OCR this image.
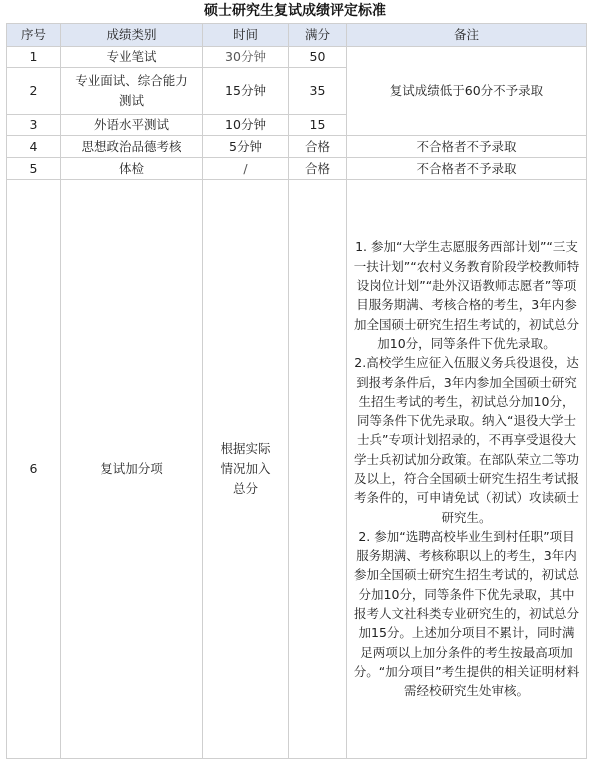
硕士研究生复试成绩评定标准
序号	成绩类别	时间	满分	备注
1	专业笔试	30分钟	50	复试成绩低于60分不予录取
2	专业面试、综合能力测试	15分钟	35	
3	外语水平测试	10分钟	15	
4	思想政治品德考核	5分钟	合格	不合格者不予录取
5	体检	/	合格	不合格者不予录取
6	复试加分项	根据实际情况加入总分		1. 参加“大学生志愿服务西部计划”“三支一扶计划”“农村义务教育阶段学校教师特设岗位计划”“赴外汉语教师志愿者”等项目服务期满、考核合格的考生，3年内参加全国硕士研究生招生考试的，初试总分加10分，同等条件下优先录取。
2.高校学生应征入伍服义务兵役退役，达到报考条件后，3年内参加全国硕士研究生招生考试的考生，初试总分加10分，同等条件下优先录取。纳入“退役大学士士兵”专项计划招录的，不再享受退役大学士兵初试加分政策。在部队荣立二等功及以上，符合全国硕士研究生招生考试报考条件的，可申请免试（初试）攻读硕士研究生。
2. 参加“选聘高校毕业生到村任职”项目服务期满、考核称职以上的考生，3年内参加全国硕士研究生招生考试的，初试总分加10分，同等条件下优先录取，其中报考人文社科类专业研究生的，初试总分加15分。上述加分项目不累计，同时满足两项以上加分条件的考生按最高项加分。“加分项目”考生提供的相关证明材料需经校研究生处审核。
